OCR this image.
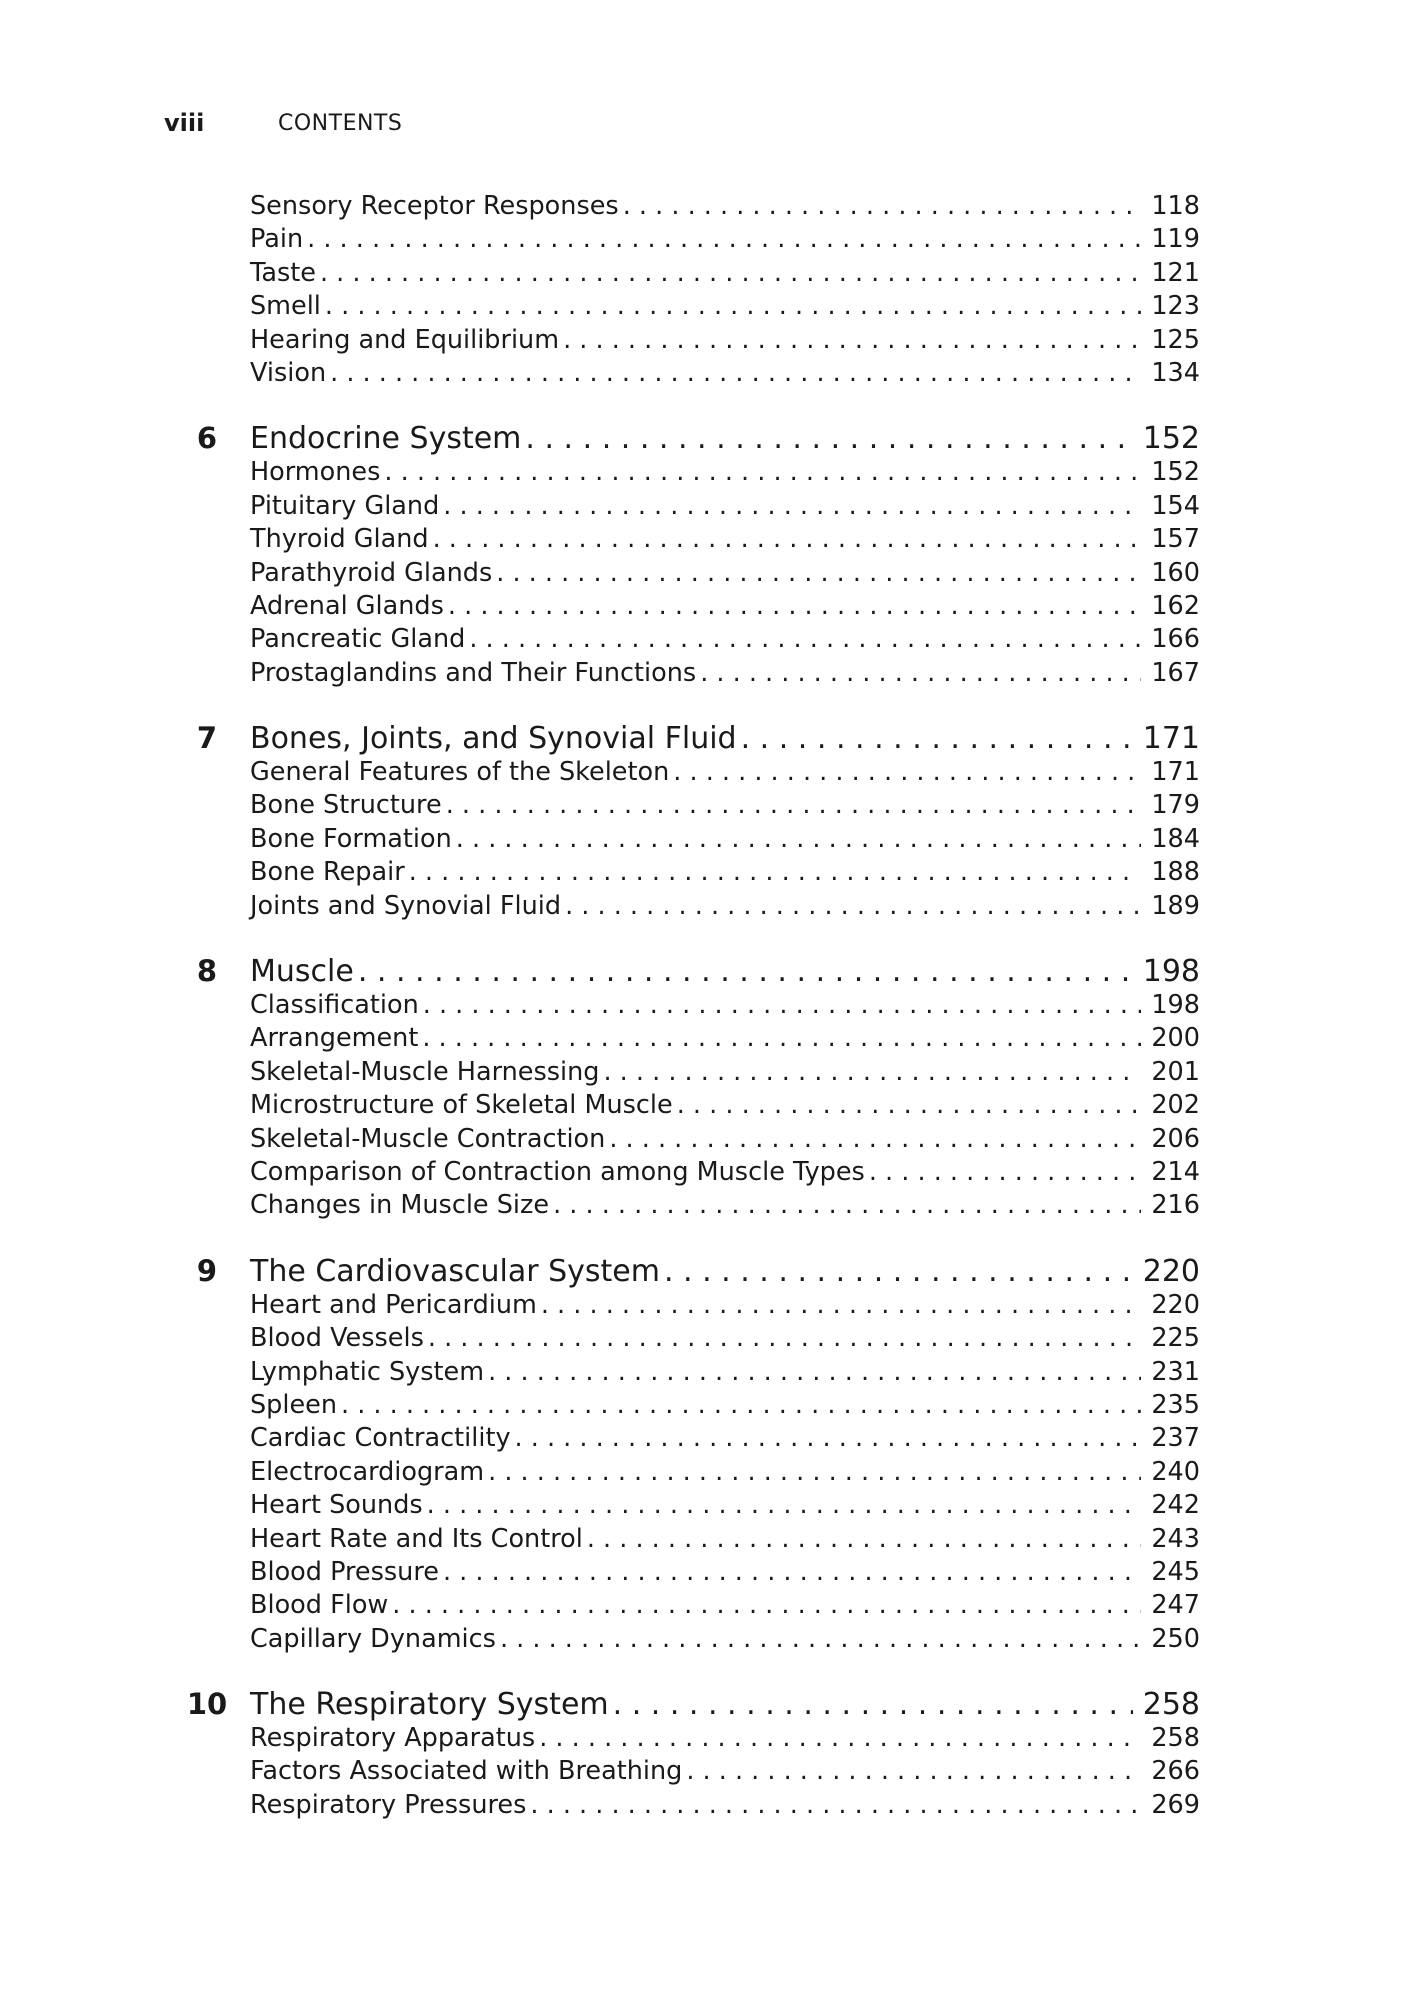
viii	CONTENTS
Sensory Receptor Responses . . .	118
Pain . . .	119
Taste . . .	121
Smell . . .	123
Hearing and Equilibrium . . .	125
Vision . . .	134
6	Endocrine System . . .	152
Hormones . . .	152
Pituitary Gland . . .	154
Thyroid Gland . . .	157
Parathyroid Glands . . .	160
Adrenal Glands . . .	162
Pancreatic Gland . . .	166
Prostaglandins and Their Functions . . .	167
7	Bones, Joints, and Synovial Fluid . . .	171
General Features of the Skeleton . . .	171
Bone Structure . . .	179
Bone Formation . . .	184
Bone Repair . . .	188
Joints and Synovial Fluid . . .	189
8	Muscle . . .	198
Classification . . .	198
Arrangement . . .	200
Skeletal-Muscle Harnessing . . .	201
Microstructure of Skeletal Muscle . . .	202
Skeletal-Muscle Contraction . . .	206
Comparison of Contraction among Muscle Types . . .	214
Changes in Muscle Size . . .	216
9	The Cardiovascular System . . .	220
Heart and Pericardium . . .	220
Blood Vessels . . .	225
Lymphatic System . . .	231
Spleen . . .	235
Cardiac Contractility . . .	237
Electrocardiogram . . .	240
Heart Sounds . . .	242
Heart Rate and Its Control . . .	243
Blood Pressure . . .	245
Blood Flow . . .	247
Capillary Dynamics . . .	250
10 The Respiratory System . . .	258
Respiratory Apparatus . . .	258
Factors Associated with Breathing . . .	266
Respiratory Pressures . . .	269
